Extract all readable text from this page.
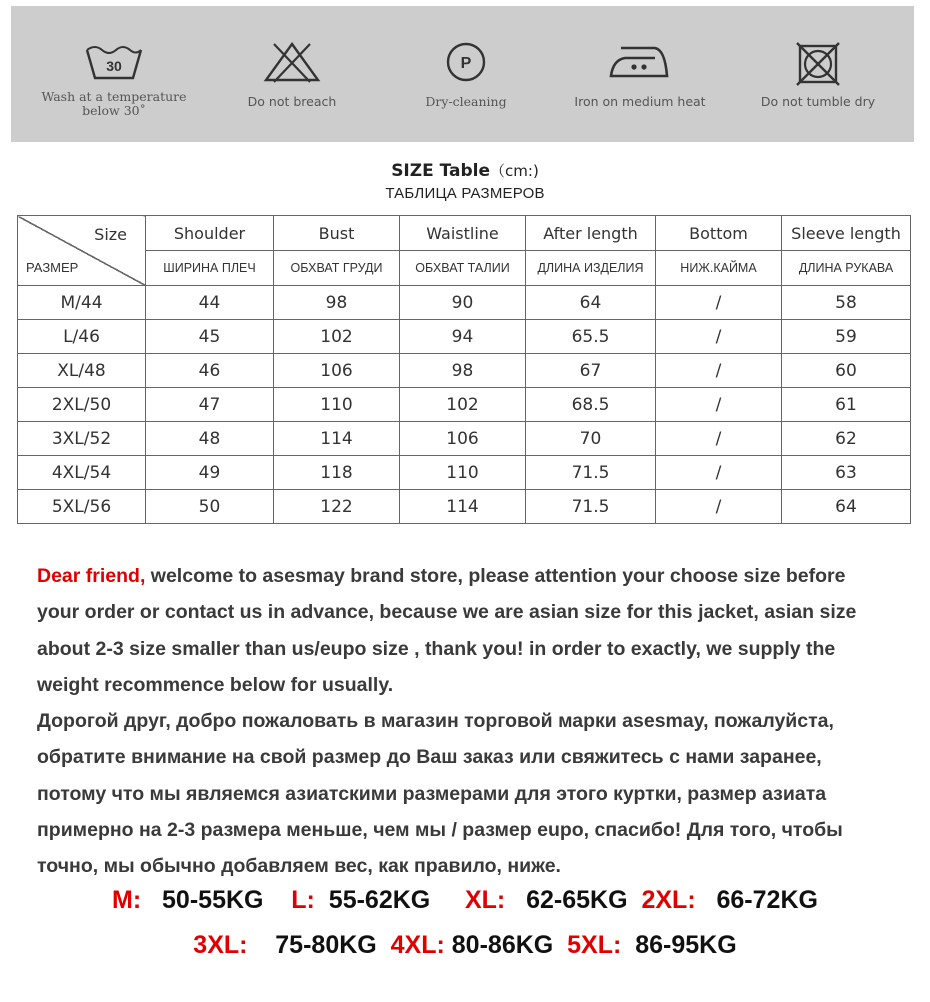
30
Wash at a temperature
below 30˚
Do not breach
P
Dry-cleaning	Iron on medium heat	Do not tumble dry
SIZE Table（cm:)
ТАБЛИЦА РАЗМЕРОВ
Size
РАЗМЕР	Shoulder	Bust	Waistline	After length	Bottom	Sleeve length
	ШИРИНА ПЛЕЧ	ОБХВАТ ГРУДИ	ОБХВАТ ТАЛИИ	ДЛИНА ИЗДЕЛИЯ	НИЖ.КАЙМА	ДЛИНА РУКАВА
M/44	44	98	90	64	/	58
L/46	45	102	94	65.5	/	59
XL/48	46	106	98	67	/	60
2XL/50	47	110	102	68.5	/	61
3XL/52	48	114	106	70	/	62
4XL/54	49	118	110	71.5	/	63
5XL/56	50	122	114	71.5	/	64

Dear friend, welcome to asesmay brand store, please attention your choose size before

your order or contact us in advance, because we are asian size for this jacket, asian size

about 2-3 size smaller than us/eupo size , thank you! in order to exactly, we supply the

weight recommence below for usually.

Дорогой друг, добро пожаловать в магазин торговой марки asesmay, пожалуйста,

обратите внимание на свой размер до Ваш заказ или свяжитесь с нами заранее,

потому что мы являемся азиатскими размерами для этого куртки, размер азиата

примерно на 2-3 размера меньше, чем мы / размер eupo, спасибо! Для того, чтобы

точно, мы обычно добавляем вес, как правило, ниже.

M: 50-55KG L: 55-62KG XL: 62-65KG 2XL: 66-72KG
3XL: 75-80KG 4XL: 80-86KG 5XL: 86-95KG
